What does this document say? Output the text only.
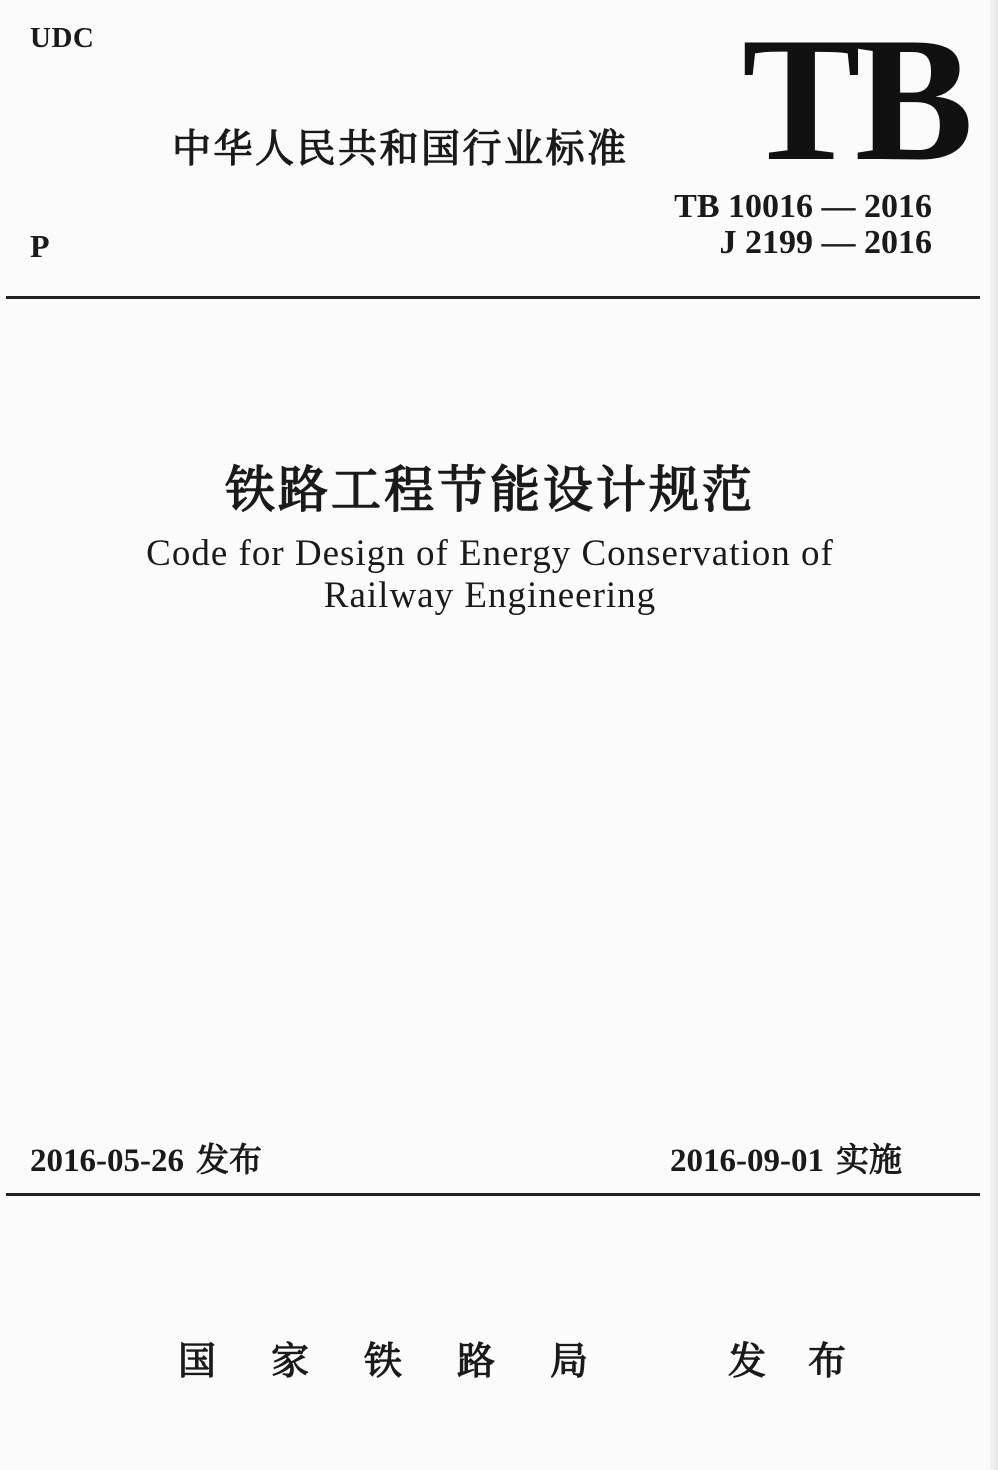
UDC
中华人民共和国行业标准 TB
TB 10016 — 2016
J 2199 — 2016
P
铁路工程节能设计规范
Code for Design of Energy Conservation of
Railway Engineering
2016-05-26 发布	2016-09-01 实施
国家铁路局 发布
